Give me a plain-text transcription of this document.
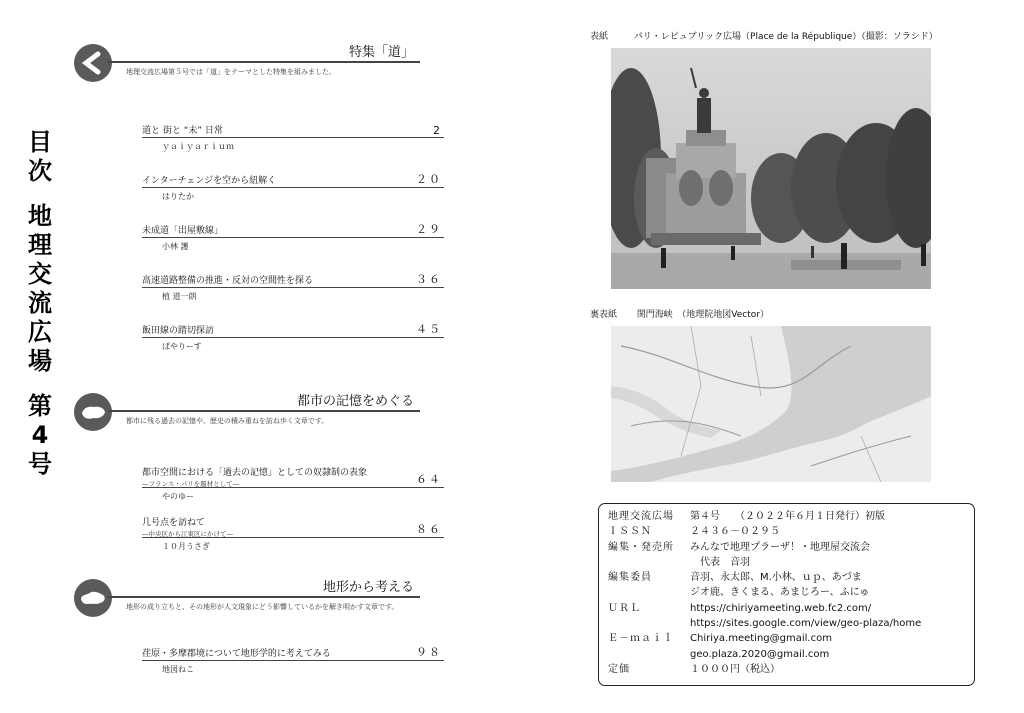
目
次
地
理
交
流
広
場
第
4
号
特集「道」
地理交流広場第５号では「道」をテーマとした特集を組みました。
道と 街と “未” 日常	2
ｙａｉｙａｒｉｕｍ
インターチェンジを空から紐解く	２０
はりたか
未成道「出屋敷線」	２９
小林 護
高速道路整備の推進・反対の空間性を探る	３６
植 道一朗
飯田線の踏切探訪	４５
ぱやりーす
都市の記憶をめぐる
都市に残る過去の記憶や、歴史の積み重ねを訪ね歩く文章です。
都市空間における「過去の記憶」としての奴隷制の表象
―フランス・パリを題材として―	６４
やのゆー
几号点を訪ねて
―中央区から江東区にかけて―	８６
１０月うさぎ
地形から考える
地形の成り立ちと、その地形が人文現象にどう影響しているかを解き明かす文章です。
荏原・多摩郡境について地形学的に考えてみる	９８
地図ねこ
表紙	パリ・レピュブリック広場（Place de la République）（撮影：ソラシド）
裏表紙 関門海峡　（地理院地図Vector）
地理交流広場	第４号　　（２０２２年６月１日発行）初版
ＩＳＳＮ	２４３６－０２９５
編集・発売所	みんなで地理プラーザ！・地理屋交流会
　代表　音羽
編集委員	音羽、永太郎、M.小林、ｕｐ、あづま
ジオ鹿、きくまる、あまじろー、ふにゅ
ＵＲＬ	https://chiriyameeting.web.fc2.com/
https://sites.google.com/view/geo-plaza/home
Ｅ－ｍａｉｌ	Chiriya.meeting@gmail.com
geo.plaza.2020@gmail.com
定価	１０００円（税込）
